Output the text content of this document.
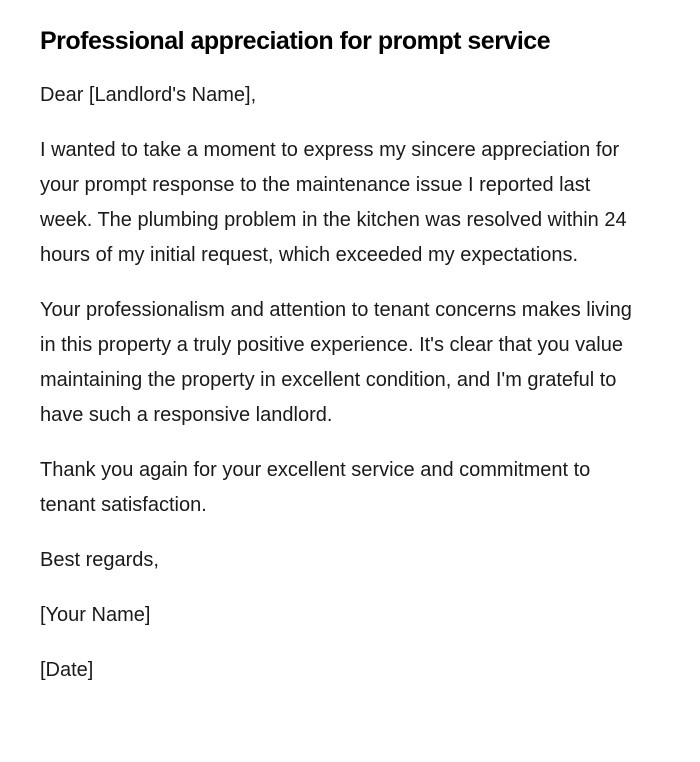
Professional appreciation for prompt service

Dear [Landlord's Name],

I wanted to take a moment to express my sincere appreciation for your prompt response to the maintenance issue I reported last week. The plumbing problem in the kitchen was resolved within 24 hours of my initial request, which exceeded my expectations.

Your professionalism and attention to tenant concerns makes living in this property a truly positive experience. It's clear that you value maintaining the property in excellent condition, and I'm grateful to have such a responsive landlord.

Thank you again for your excellent service and commitment to tenant satisfaction.

Best regards,

[Your Name]

[Date]
